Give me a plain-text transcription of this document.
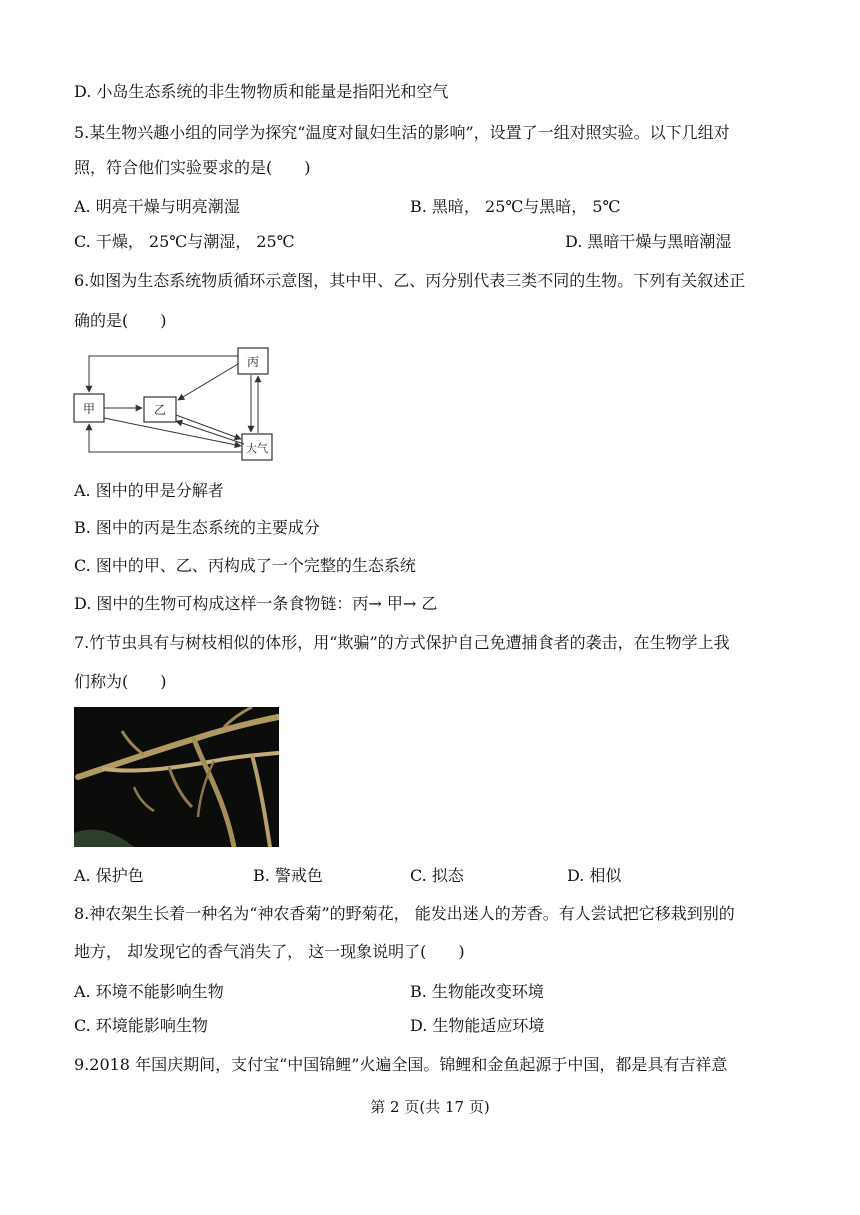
D. 小岛生态系统的非生物物质和能量是指阳光和空气
5.某生物兴趣小组的同学为探究“温度对鼠妇生活的影响”，设置了一组对照实验。以下几组对
照，符合他们实验要求的是(　　)
A. 明亮干燥与明亮潮湿	B. 黑暗， 25℃与黑暗， 5℃
C. 干燥， 25℃与潮湿， 25℃	D. 黑暗干燥与黑暗潮湿
6.如图为生态系统物质循环示意图，其中甲、乙、丙分别代表三类不同的生物。下列有关叙述正
确的是(　　)
甲	乙
丙
大气
A. 图中的甲是分解者
B. 图中的丙是生态系统的主要成分
C. 图中的甲、乙、丙构成了一个完整的生态系统
D. 图中的生物可构成这样一条食物链：丙→ 甲→ 乙
7.竹节虫具有与树枝相似的体形，用“欺骗”的方式保护自己免遭捕食者的袭击，在生物学上我
们称为(　　)
A. 保护色	B. 警戒色	C. 拟态	D. 相似
8.神农架生长着一种名为“神农香菊”的野菊花， 能发出迷人的芳香。有人尝试把它移栽到别的
地方， 却发现它的香气消失了， 这一现象说明了(　　)
A. 环境不能影响生物	B. 生物能改变环境
C. 环境能影响生物	D. 生物能适应环境
9.2018 年国庆期间，支付宝“中国锦鲤”火遍全国。锦鲤和金鱼起源于中国，都是具有吉祥意
第 2 页(共 17 页)
